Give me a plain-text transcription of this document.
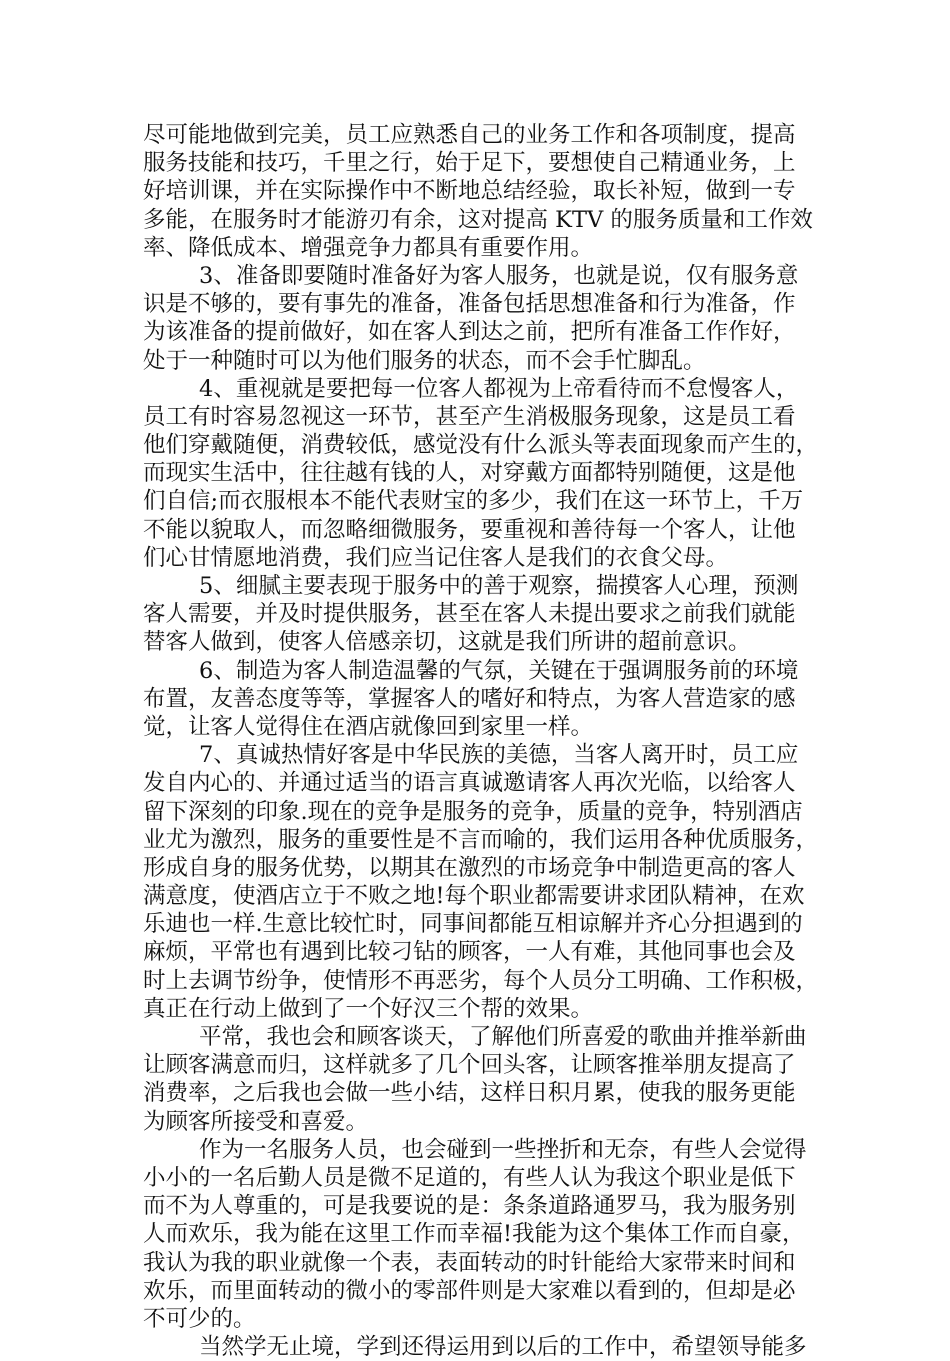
尽可能地做到完美，员工应熟悉自己的业务工作和各项制度，提高
服务技能和技巧，千里之行，始于足下，要想使自己精通业务，上
好培训课，并在实际操作中不断地总结经验，取长补短，做到一专
多能，在服务时才能游刃有余，这对提高 KTV 的服务质量和工作效
率、降低成本、增强竞争力都具有重要作用。
3、准备即要随时准备好为客人服务，也就是说，仅有服务意
识是不够的，要有事先的准备，准备包括思想准备和行为准备，作
为该准备的提前做好，如在客人到达之前，把所有准备工作作好，
处于一种随时可以为他们服务的状态，而不会手忙脚乱。
4、重视就是要把每一位客人都视为上帝看待而不怠慢客人，
员工有时容易忽视这一环节，甚至产生消极服务现象，这是员工看
他们穿戴随便，消费较低，感觉没有什么派头等表面现象而产生的，
而现实生活中，往往越有钱的人，对穿戴方面都特别随便，这是他
们自信;而衣服根本不能代表财宝的多少，我们在这一环节上，千万
不能以貌取人，而忽略细微服务，要重视和善待每一个客人，让他
们心甘情愿地消费，我们应当记住客人是我们的衣食父母。
5、细腻主要表现于服务中的善于观察，揣摸客人心理，预测
客人需要，并及时提供服务，甚至在客人未提出要求之前我们就能
替客人做到，使客人倍感亲切，这就是我们所讲的超前意识。
6、制造为客人制造温馨的气氛，关键在于强调服务前的环境
布置，友善态度等等，掌握客人的嗜好和特点，为客人营造家的感
觉，让客人觉得住在酒店就像回到家里一样。
7、真诚热情好客是中华民族的美德，当客人离开时，员工应
发自内心的、并通过适当的语言真诚邀请客人再次光临，以给客人
留下深刻的印象.现在的竞争是服务的竞争，质量的竞争，特别酒店
业尤为激烈，服务的重要性是不言而喻的，我们运用各种优质服务，
形成自身的服务优势，以期其在激烈的市场竞争中制造更高的客人
满意度，使酒店立于不败之地!每个职业都需要讲求团队精神，在欢
乐迪也一样.生意比较忙时，同事间都能互相谅解并齐心分担遇到的
麻烦，平常也有遇到比较刁钻的顾客，一人有难，其他同事也会及
时上去调节纷争，使情形不再恶劣，每个人员分工明确、工作积极，
真正在行动上做到了一个好汉三个帮的效果。
平常，我也会和顾客谈天，了解他们所喜爱的歌曲并推举新曲
让顾客满意而归，这样就多了几个回头客，让顾客推举朋友提高了
消费率，之后我也会做一些小结，这样日积月累，使我的服务更能
为顾客所接受和喜爱。
作为一名服务人员，也会碰到一些挫折和无奈，有些人会觉得
小小的一名后勤人员是微不足道的，有些人认为我这个职业是低下
而不为人尊重的，可是我要说的是：条条道路通罗马，我为服务别
人而欢乐，我为能在这里工作而幸福!我能为这个集体工作而自豪，
我认为我的职业就像一个表，表面转动的时针能给大家带来时间和
欢乐，而里面转动的微小的零部件则是大家难以看到的，但却是必
不可少的。
当然学无止境，学到还得运用到以后的工作中，希望领导能多
